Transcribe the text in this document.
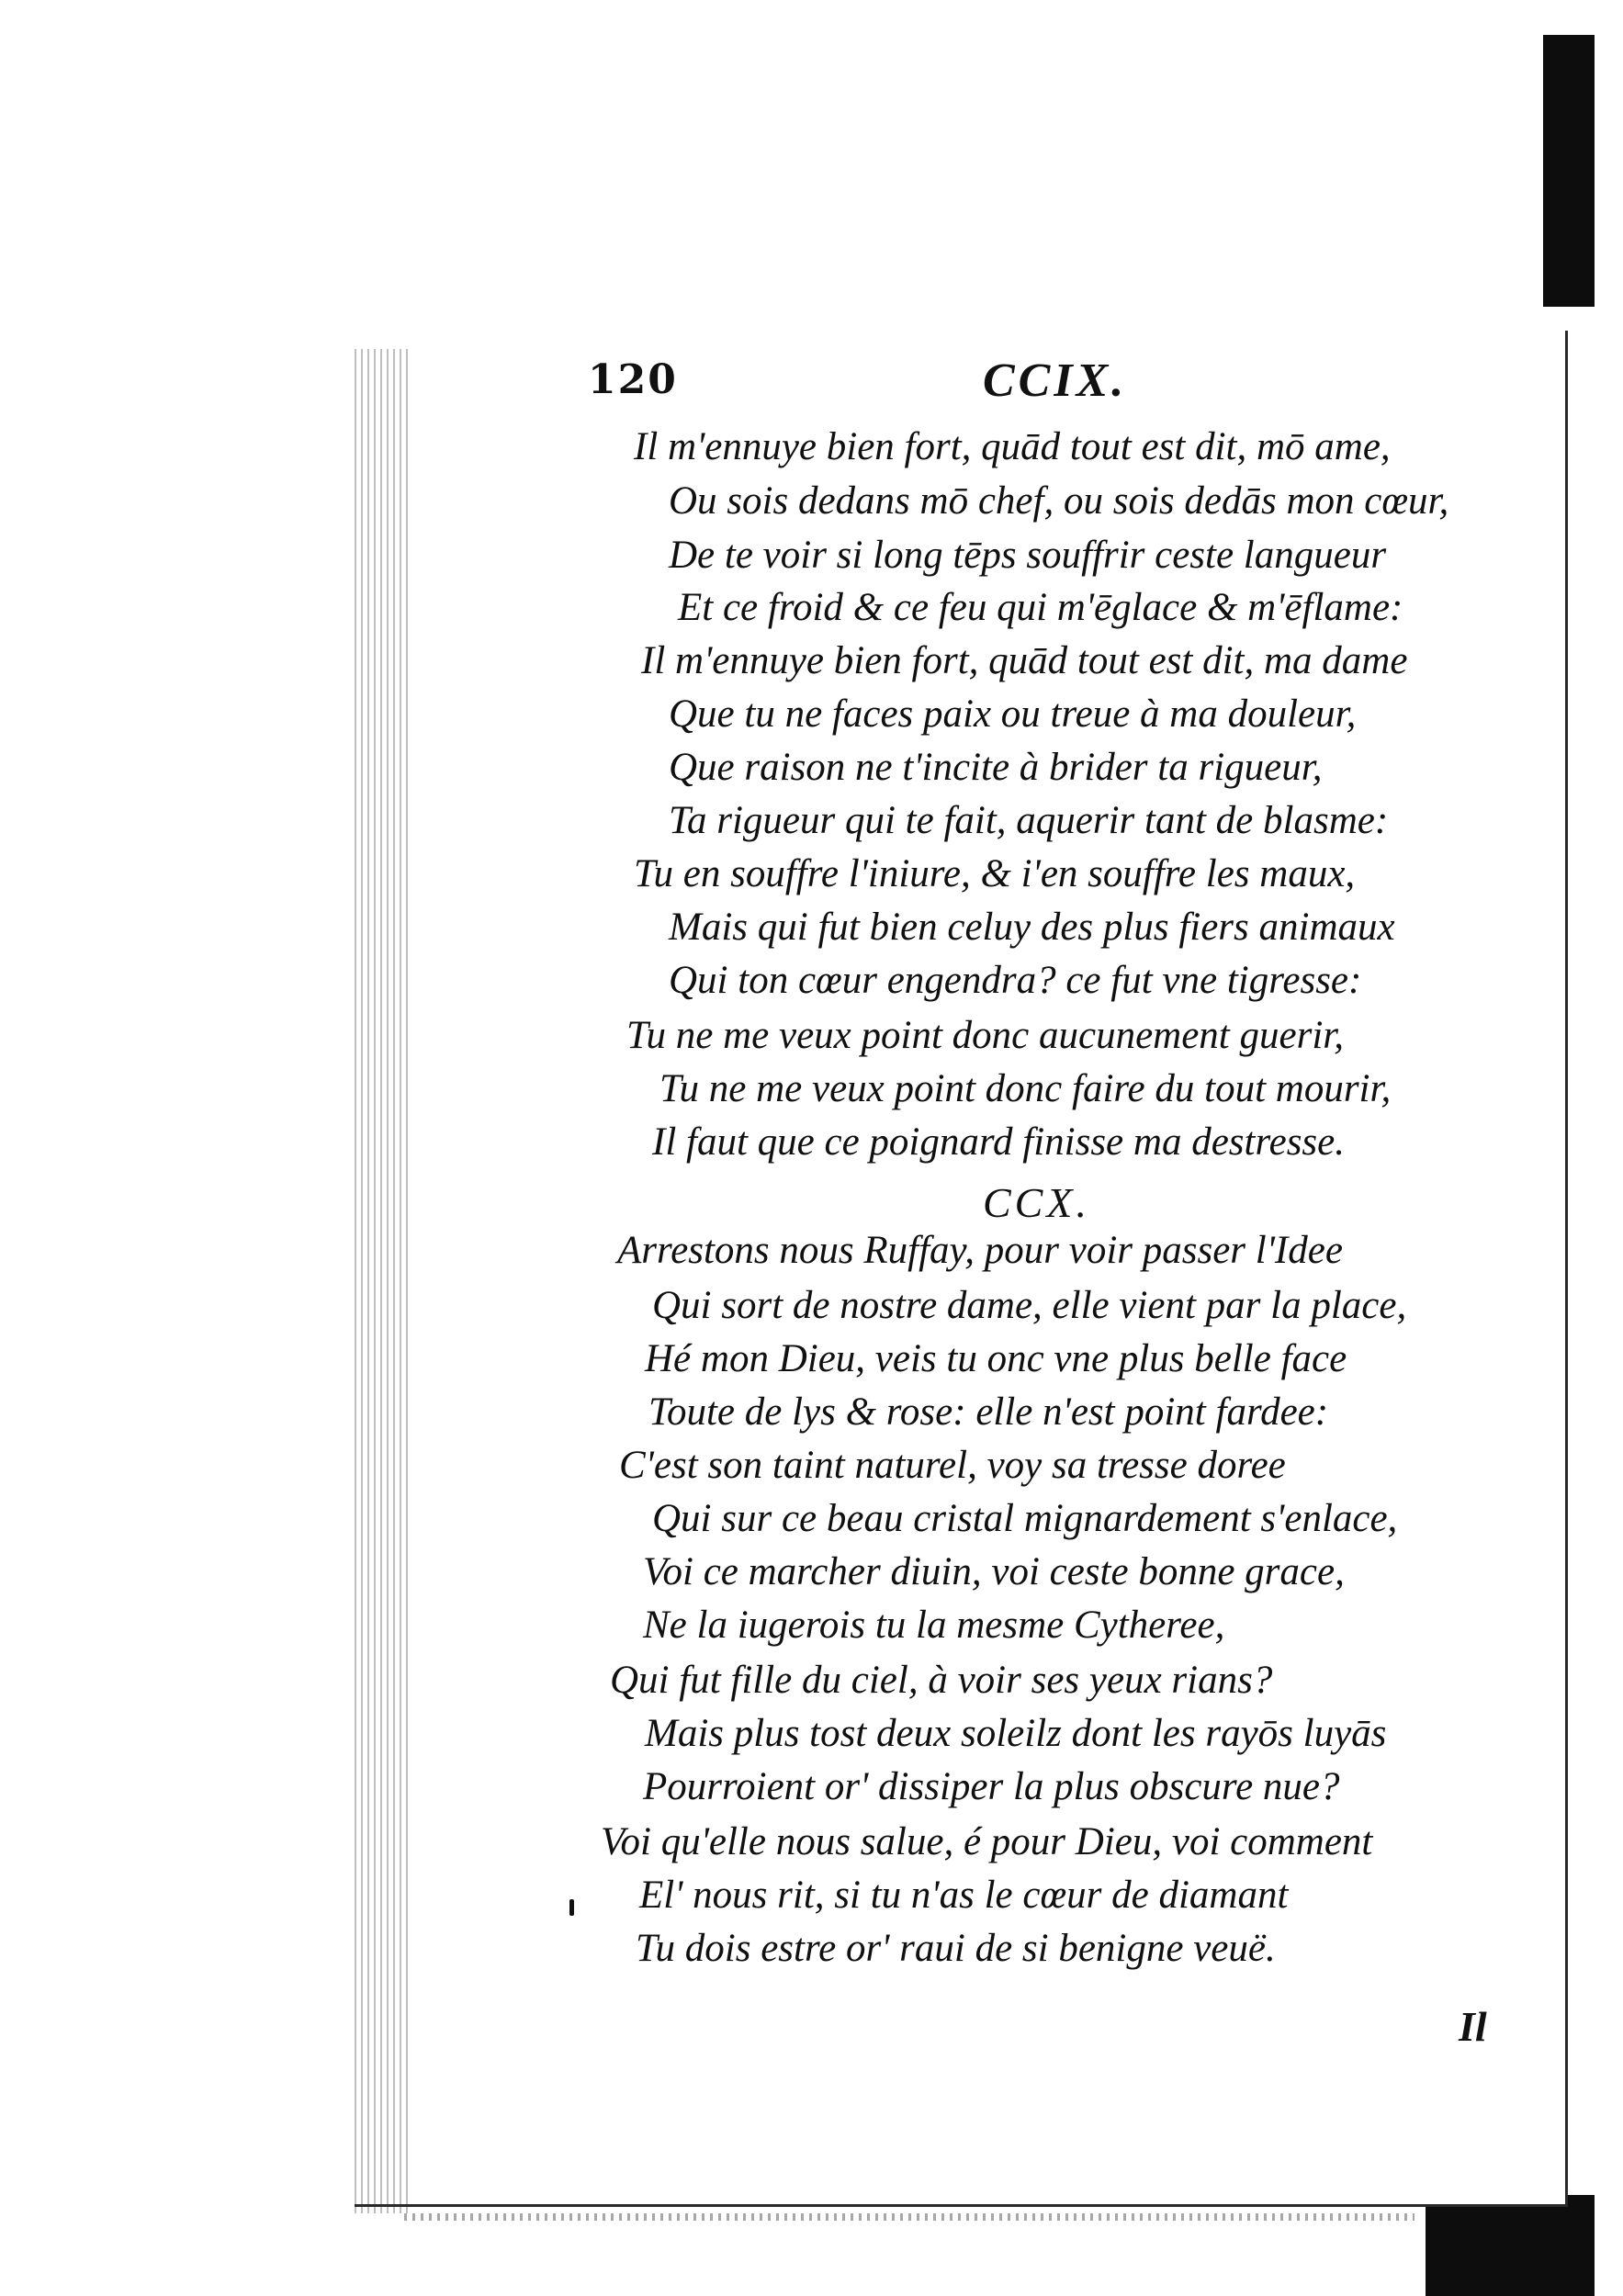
120	CCIX.
Il m'ennuye bien fort, quād tout est dit, mō ame,
Ou sois dedans mō chef, ou sois dedās mon cœur,
De te voir si long tēps souffrir ceste langueur
Et ce froid & ce feu qui m'ēglace & m'ēflame:
Il m'ennuye bien fort, quād tout est dit, ma dame
Que tu ne faces paix ou treue à ma douleur,
Que raison ne t'incite à brider ta rigueur,
Ta rigueur qui te fait, aquerir tant de blasme:
Tu en souffre l'iniure, & i'en souffre les maux,
Mais qui fut bien celuy des plus fiers animaux
Qui ton cœur engendra? ce fut vne tigresse:
Tu ne me veux point donc aucunement guerir,
Tu ne me veux point donc faire du tout mourir,
Il faut que ce poignard finisse ma destresse.
CCX.
Arrestons nous Ruffay, pour voir passer l'Idee
Qui sort de nostre dame, elle vient par la place,
Hé mon Dieu, veis tu onc vne plus belle face
Toute de lys & rose: elle n'est point fardee:
C'est son taint naturel, voy sa tresse doree
Qui sur ce beau cristal mignardement s'enlace,
Voi ce marcher diuin, voi ceste bonne grace,
Ne la iugerois tu la mesme Cytheree,
Qui fut fille du ciel, à voir ses yeux rians?
Mais plus tost deux soleilz dont les rayōs luyās
Pourroient or' dissiper la plus obscure nue?
Voi qu'elle nous salue, é pour Dieu, voi comment
El' nous rit, si tu n'as le cœur de diamant
Tu dois estre or' raui de si benigne veuë.
Il
